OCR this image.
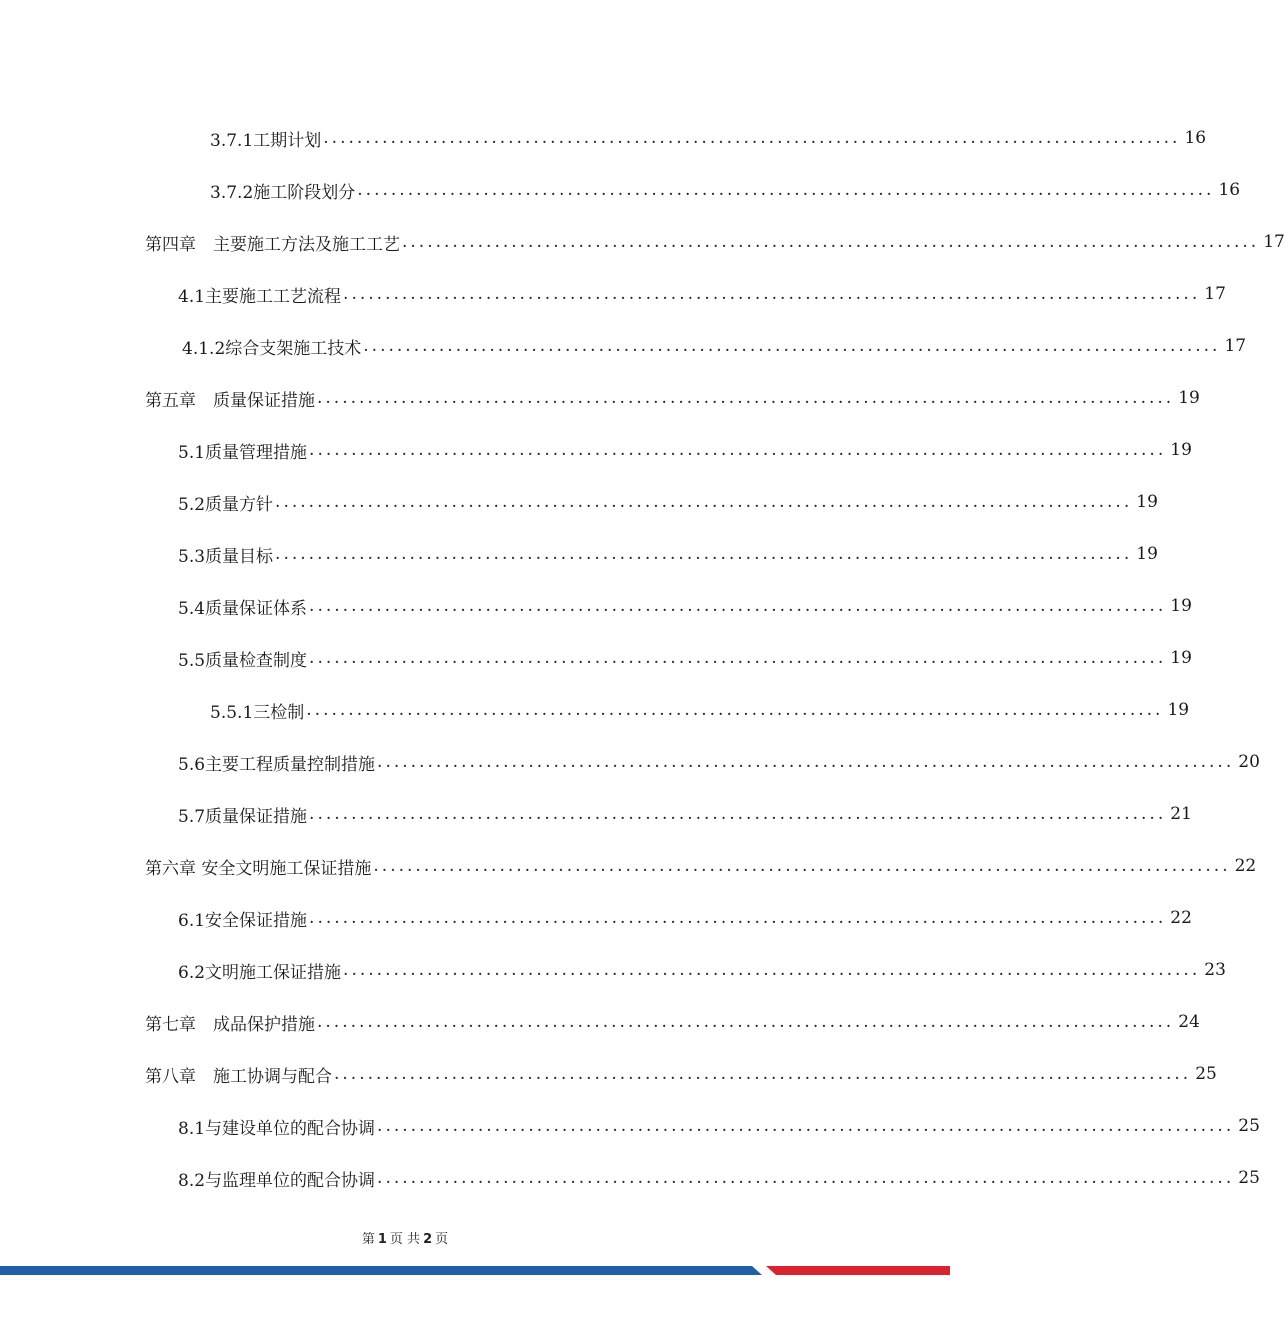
3.7.1工期计划 ...................................................................................................... 16
3.7.2施工阶段划分 ...................................................................................................... 16
第四章　主要施工方法及施工工艺 ...................................................................................................... 17
4.1主要施工工艺流程 ...................................................................................................... 17
4.1.2综合支架施工技术 ...................................................................................................... 17
第五章　质量保证措施 ...................................................................................................... 19
5.1质量管理措施 ...................................................................................................... 19
5.2质量方针 ...................................................................................................... 19
5.3质量目标 ...................................................................................................... 19
5.4质量保证体系 ...................................................................................................... 19
5.5质量检查制度 ...................................................................................................... 19
5.5.1三检制 ...................................................................................................... 19
5.6主要工程质量控制措施 ...................................................................................................... 20
5.7质量保证措施 ...................................................................................................... 21
第六章 安全文明施工保证措施 ...................................................................................................... 22
6.1安全保证措施 ...................................................................................................... 22
6.2文明施工保证措施 ...................................................................................................... 23
第七章　成品保护措施 ...................................................................................................... 24
第八章　施工协调与配合 ...................................................................................................... 25
8.1与建设单位的配合协调 ...................................................................................................... 25
8.2与监理单位的配合协调 ...................................................................................................... 25
第 1 页 共 2 页
